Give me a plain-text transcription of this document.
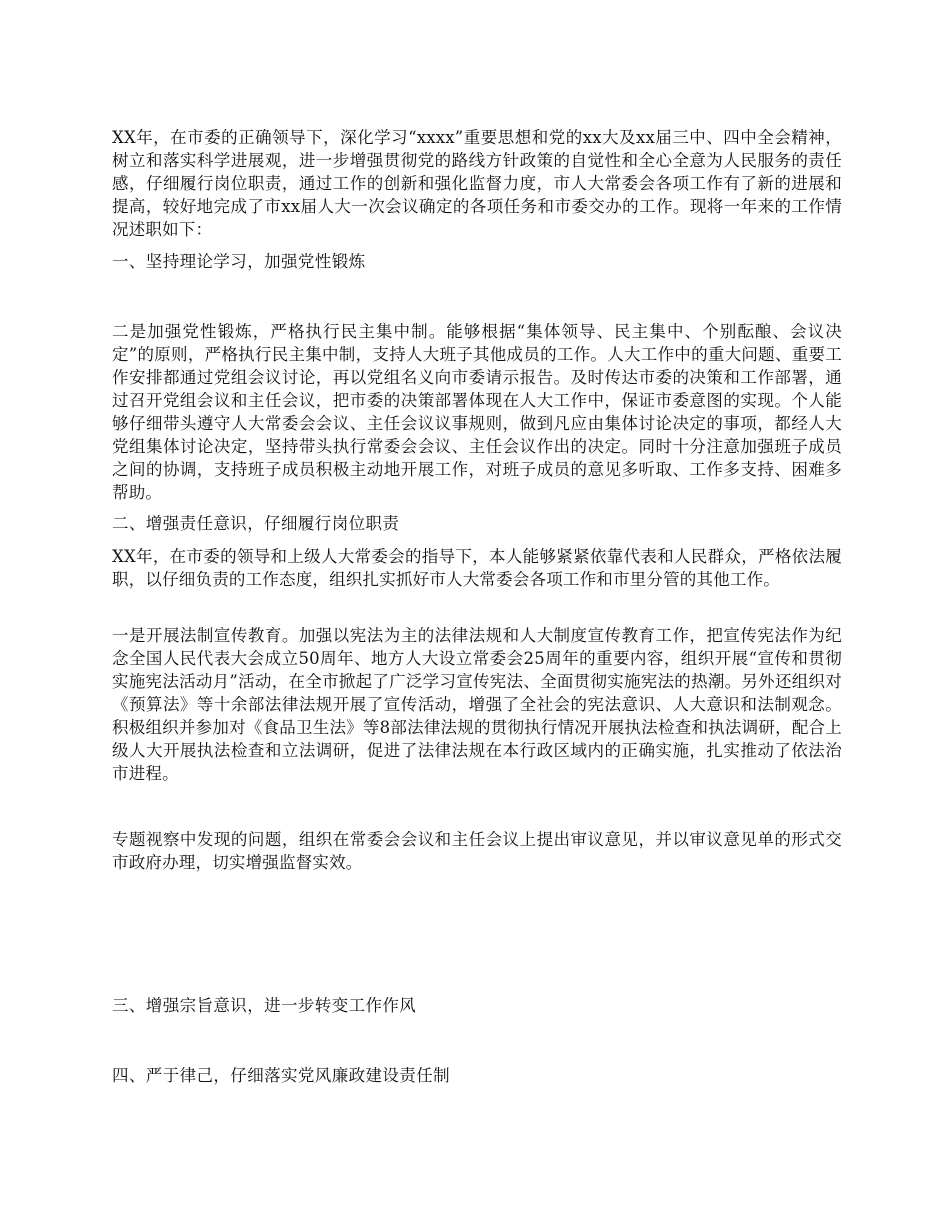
XX年，在市委的正确领导下，深化学习“xxxx”重要思想和党的xx大及xx届三中、四中全会精神，树立和落实科学进展观，进一步增强贯彻党的路线方针政策的自觉性和全心全意为人民服务的责任感，仔细履行岗位职责，通过工作的创新和强化监督力度，市人大常委会各项工作有了新的进展和提高，较好地完成了市xx届人大一次会议确定的各项任务和市委交办的工作。现将一年来的工作情况述职如下：

一、坚持理论学习，加强党性锻炼

二是加强党性锻炼，严格执行民主集中制。能够根据“集体领导、民主集中、个别酝酿、会议决定”的原则，严格执行民主集中制，支持人大班子其他成员的工作。人大工作中的重大问题、重要工作安排都通过党组会议讨论，再以党组名义向市委请示报告。及时传达市委的决策和工作部署，通过召开党组会议和主任会议，把市委的决策部署体现在人大工作中，保证市委意图的实现。个人能够仔细带头遵守人大常委会会议、主任会议议事规则，做到凡应由集体讨论决定的事项，都经人大党组集体讨论决定，坚持带头执行常委会会议、主任会议作出的决定。同时十分注意加强班子成员之间的协调，支持班子成员积极主动地开展工作，对班子成员的意见多听取、工作多支持、困难多帮助。

二、增强责任意识，仔细履行岗位职责

XX年，在市委的领导和上级人大常委会的指导下，本人能够紧紧依靠代表和人民群众，严格依法履职，以仔细负责的工作态度，组织扎实抓好市人大常委会各项工作和市里分管的其他工作。

一是开展法制宣传教育。加强以宪法为主的法律法规和人大制度宣传教育工作，把宣传宪法作为纪念全国人民代表大会成立50周年、地方人大设立常委会25周年的重要内容，组织开展“宣传和贯彻实施宪法活动月”活动，在全市掀起了广泛学习宣传宪法、全面贯彻实施宪法的热潮。另外还组织对《预算法》等十余部法律法规开展了宣传活动，增强了全社会的宪法意识、人大意识和法制观念。积极组织并参加对《食品卫生法》等8部法律法规的贯彻执行情况开展执法检查和执法调研，配合上级人大开展执法检查和立法调研，促进了法律法规在本行政区域内的正确实施，扎实推动了依法治市进程。

专题视察中发现的问题，组织在常委会会议和主任会议上提出审议意见，并以审议意见单的形式交市政府办理，切实增强监督实效。

三、增强宗旨意识，进一步转变工作作风

四、严于律己，仔细落实党风廉政建设责任制
